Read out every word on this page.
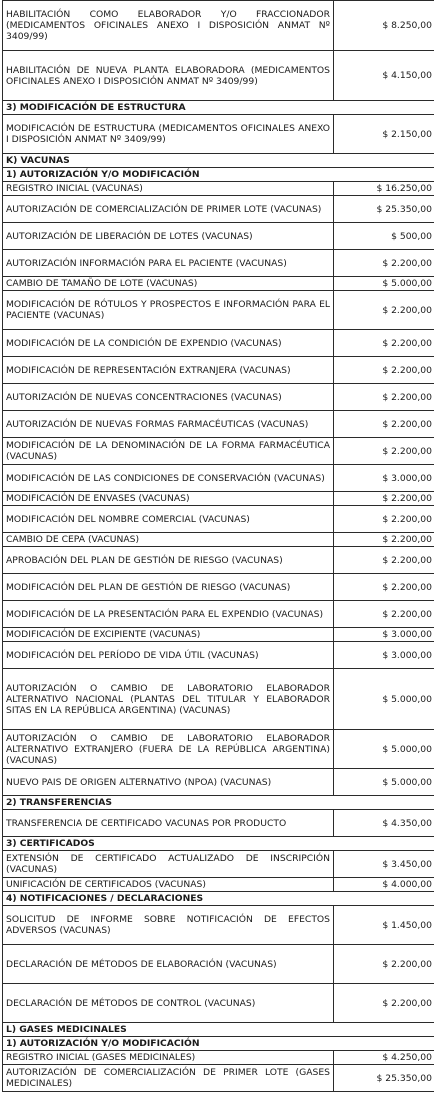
HABILITACIÓN COMO ELABORADOR Y/O FRACCIONADOR (MEDICAMENTOS OFICINALES ANEXO I DISPOSICIÓN ANMAT Nº 3409/99)	$ 8.250,00
HABILITACIÓN DE NUEVA PLANTA ELABORADORA (MEDICAMENTOS OFICINALES ANEXO I DISPOSICIÓN ANMAT Nº 3409/99)	$ 4.150,00
3) MODIFICACIÓN DE ESTRUCTURA	
MODIFICACIÓN DE ESTRUCTURA (MEDICAMENTOS OFICINALES ANEXO I DISPOSICIÓN ANMAT Nº 3409/99)	$ 2.150,00
K) VACUNAS	
1) AUTORIZACIÓN Y/O MODIFICACIÓN	
REGISTRO INICIAL (VACUNAS)	$ 16.250,00
AUTORIZACIÓN DE COMERCIALIZACIÓN DE PRIMER LOTE (VACUNAS)	$ 25.350,00
AUTORIZACIÓN DE LIBERACIÓN DE LOTES (VACUNAS)	$ 500,00
AUTORIZACIÓN INFORMACIÓN PARA EL PACIENTE (VACUNAS)	$ 2.200,00
CAMBIO DE TAMAÑO DE LOTE (VACUNAS)	$ 5.000,00
MODIFICACIÓN DE RÓTULOS Y PROSPECTOS E INFORMACIÓN PARA EL PACIENTE (VACUNAS)	$ 2.200,00
MODIFICACIÓN DE LA CONDICIÓN DE EXPENDIO (VACUNAS)	$ 2.200,00
MODIFICACIÓN DE REPRESENTACIÓN EXTRANJERA (VACUNAS)	$ 2.200,00
AUTORIZACIÓN DE NUEVAS CONCENTRACIONES (VACUNAS)	$ 2.200,00
AUTORIZACIÓN DE NUEVAS FORMAS FARMACÉUTICAS (VACUNAS)	$ 2.200,00
MODIFICACIÓN DE LA DENOMINACIÓN DE LA FORMA FARMACÉUTICA (VACUNAS)	$ 2.200,00
MODIFICACIÓN DE LAS CONDICIONES DE CONSERVACIÓN (VACUNAS)	$ 3.000,00
MODIFICACIÓN DE ENVASES (VACUNAS)	$ 2.200,00
MODIFICACIÓN DEL NOMBRE COMERCIAL (VACUNAS)	$ 2.200,00
CAMBIO DE CEPA (VACUNAS)	$ 2.200,00
APROBACIÓN DEL PLAN DE GESTIÓN DE RIESGO (VACUNAS)	$ 2.200,00
MODIFICACIÓN DEL PLAN DE GESTIÓN DE RIESGO (VACUNAS)	$ 2.200,00
MODIFICACIÓN DE LA PRESENTACIÓN PARA EL EXPENDIO (VACUNAS)	$ 2.200,00
MODIFICACIÓN DE EXCIPIENTE (VACUNAS)	$ 3.000,00
MODIFICACIÓN DEL PERÍODO DE VIDA ÚTIL (VACUNAS)	$ 3.000,00
AUTORIZACIÓN O CAMBIO DE LABORATORIO ELABORADOR ALTERNATIVO NACIONAL (PLANTAS DEL TITULAR Y ELABORADOR SITAS EN LA REPÚBLICA ARGENTINA) (VACUNAS)	$ 5.000,00
AUTORIZACIÓN O CAMBIO DE LABORATORIO ELABORADOR ALTERNATIVO EXTRANJERO (FUERA DE LA REPÚBLICA ARGENTINA) (VACUNAS)	$ 5.000,00
NUEVO PAIS DE ORIGEN ALTERNATIVO (NPOA) (VACUNAS)	$ 5.000,00
2) TRANSFERENCIAS	
TRANSFERENCIA DE CERTIFICADO VACUNAS POR PRODUCTO	$ 4.350,00
3) CERTIFICADOS	
EXTENSIÓN DE CERTIFICADO ACTUALIZADO DE INSCRIPCIÓN (VACUNAS)	$ 3.450,00
UNIFICACIÓN DE CERTIFICADOS (VACUNAS)	$ 4.000,00
4) NOTIFICACIONES / DECLARACIONES	
SOLICITUD DE INFORME SOBRE NOTIFICACIÓN DE EFECTOS ADVERSOS (VACUNAS)	$ 1.450,00
DECLARACIÓN DE MÉTODOS DE ELABORACIÓN (VACUNAS)	$ 2.200,00
DECLARACIÓN DE MÉTODOS DE CONTROL (VACUNAS)	$ 2.200,00
L) GASES MEDICINALES	
1) AUTORIZACIÓN Y/O MODIFICACIÓN	
REGISTRO INICIAL (GASES MEDICINALES)	$ 4.250,00
AUTORIZACIÓN DE COMERCIALIZACIÓN DE PRIMER LOTE (GASES MEDICINALES)	$ 25.350,00
